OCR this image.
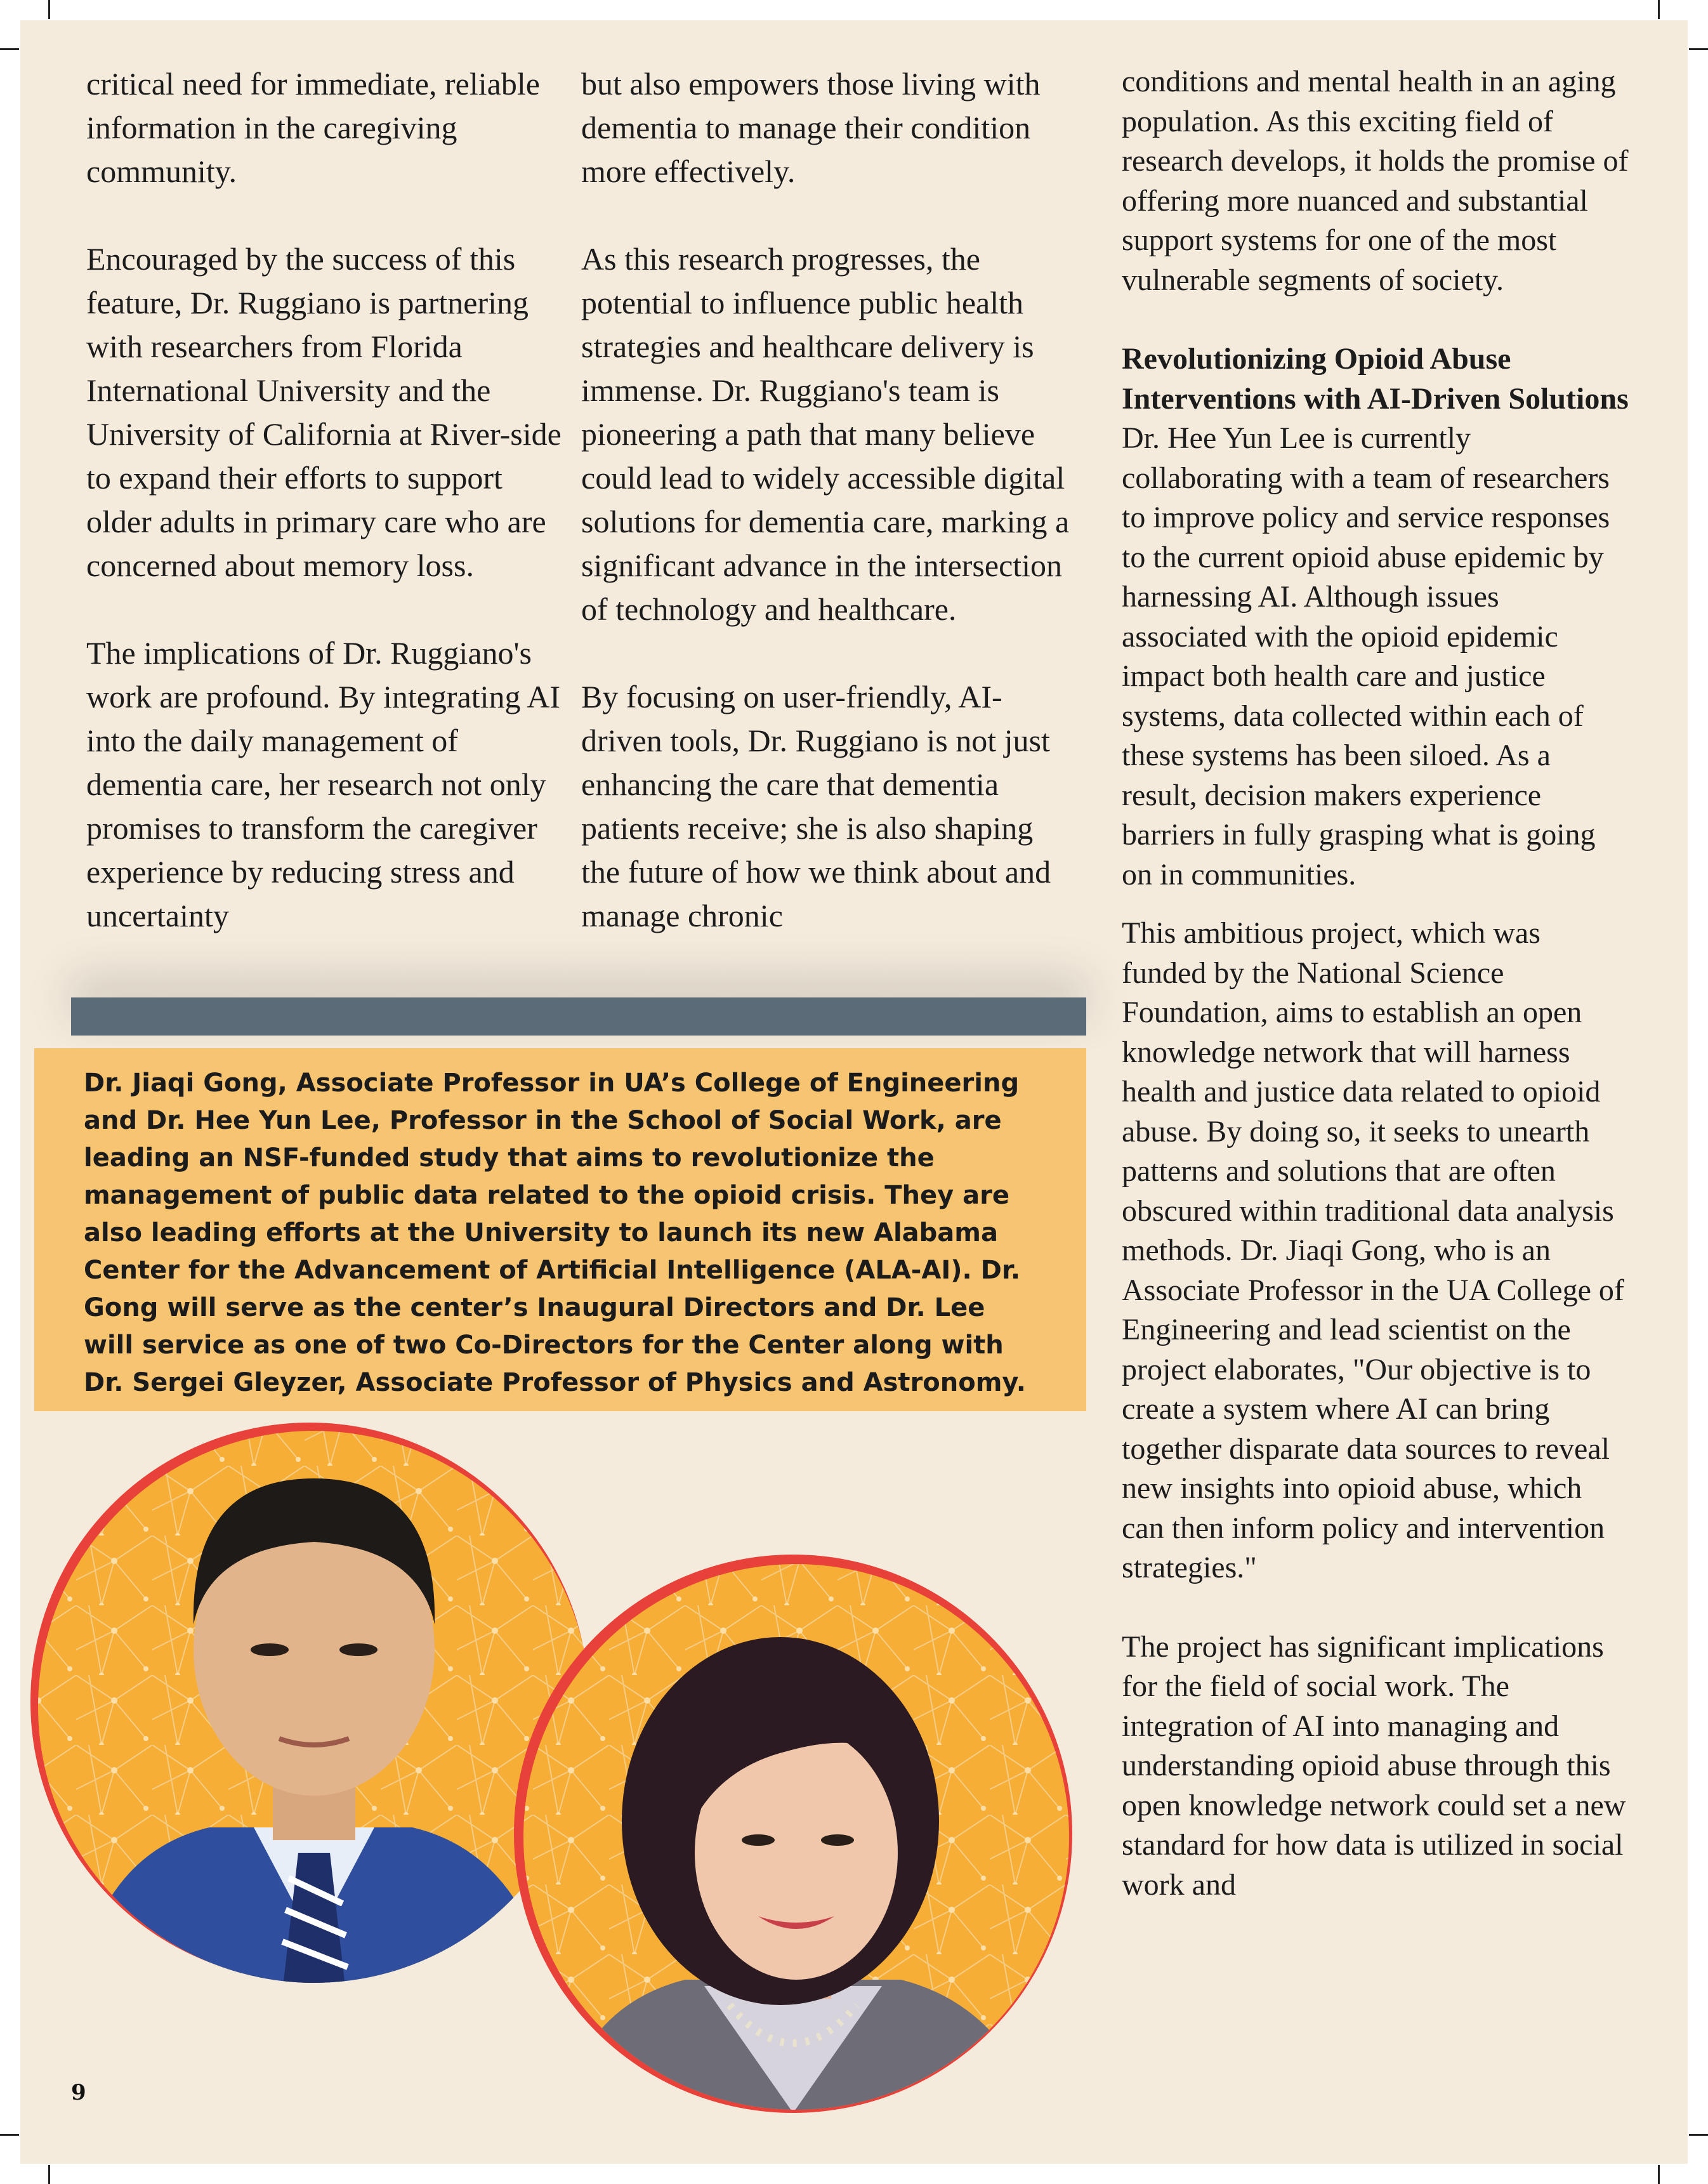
critical need for immediate, reliable information in the caregiving community.

Encouraged by the success of this feature, Dr. Ruggiano is partnering with researchers from Florida International University and the University of California at River-side to expand their efforts to support older adults in primary care who are concerned about memory loss.

The implications of Dr. Ruggiano's work are profound. By integrating AI into the daily management of dementia care, her research not only promises to transform the caregiver experience by reducing stress and uncertainty

but also empowers those living with dementia to manage their condition more effectively.

As this research progresses, the potential to influence public health strategies and healthcare delivery is immense. Dr. Ruggiano's team is pioneering a path that many believe could lead to widely accessible digital solutions for dementia care, marking a significant advance in the intersection of technology and healthcare.

By focusing on user-friendly, AI-driven tools, Dr. Ruggiano is not just enhancing the care that dementia patients receive; she is also shaping the future of how we think about and manage chronic

conditions and mental health in an aging population. As this exciting field of research develops, it holds the promise of offering more nuanced and substantial support systems for one of the most vulnerable segments of society.

Revolutionizing Opioid Abuse Interventions with AI-Driven Solutions

Dr. Hee Yun Lee is currently collaborating with a team of researchers to improve policy and service responses to the current opioid abuse epidemic by harnessing AI. Although issues associated with the opioid epidemic impact both health care and justice systems, data collected within each of these systems has been siloed. As a result, decision makers experience barriers in fully grasping what is going on in communities.

This ambitious project, which was funded by the National Science Foundation, aims to establish an open knowledge network that will harness health and justice data related to opioid abuse. By doing so, it seeks to unearth patterns and solutions that are often obscured within traditional data analysis methods. Dr. Jiaqi Gong, who is an Associate Professor in the UA College of Engineering and lead scientist on the project elaborates, "Our objective is to create a system where AI can bring together disparate data sources to reveal new insights into opioid abuse, which can then inform policy and intervention strategies."

The project has significant implications for the field of social work. The integration of AI into managing and understanding opioid abuse through this open knowledge network could set a new standard for how data is utilized in social work and

Dr. Jiaqi Gong, Associate Professor in UA’s College of Engineering and Dr. Hee Yun Lee, Professor in the School of Social Work, are leading an NSF-funded study that aims to revolutionize the management of public data related to the opioid crisis. They are also leading efforts at the University to launch its new Alabama Center for the Advancement of Artificial Intelligence (ALA-AI). Dr. Gong will serve as the center’s Inaugural Directors and Dr. Lee will service as one of two Co-Directors for the Center along with Dr. Sergei Gleyzer, Associate Professor of Physics and Astronomy.

9
